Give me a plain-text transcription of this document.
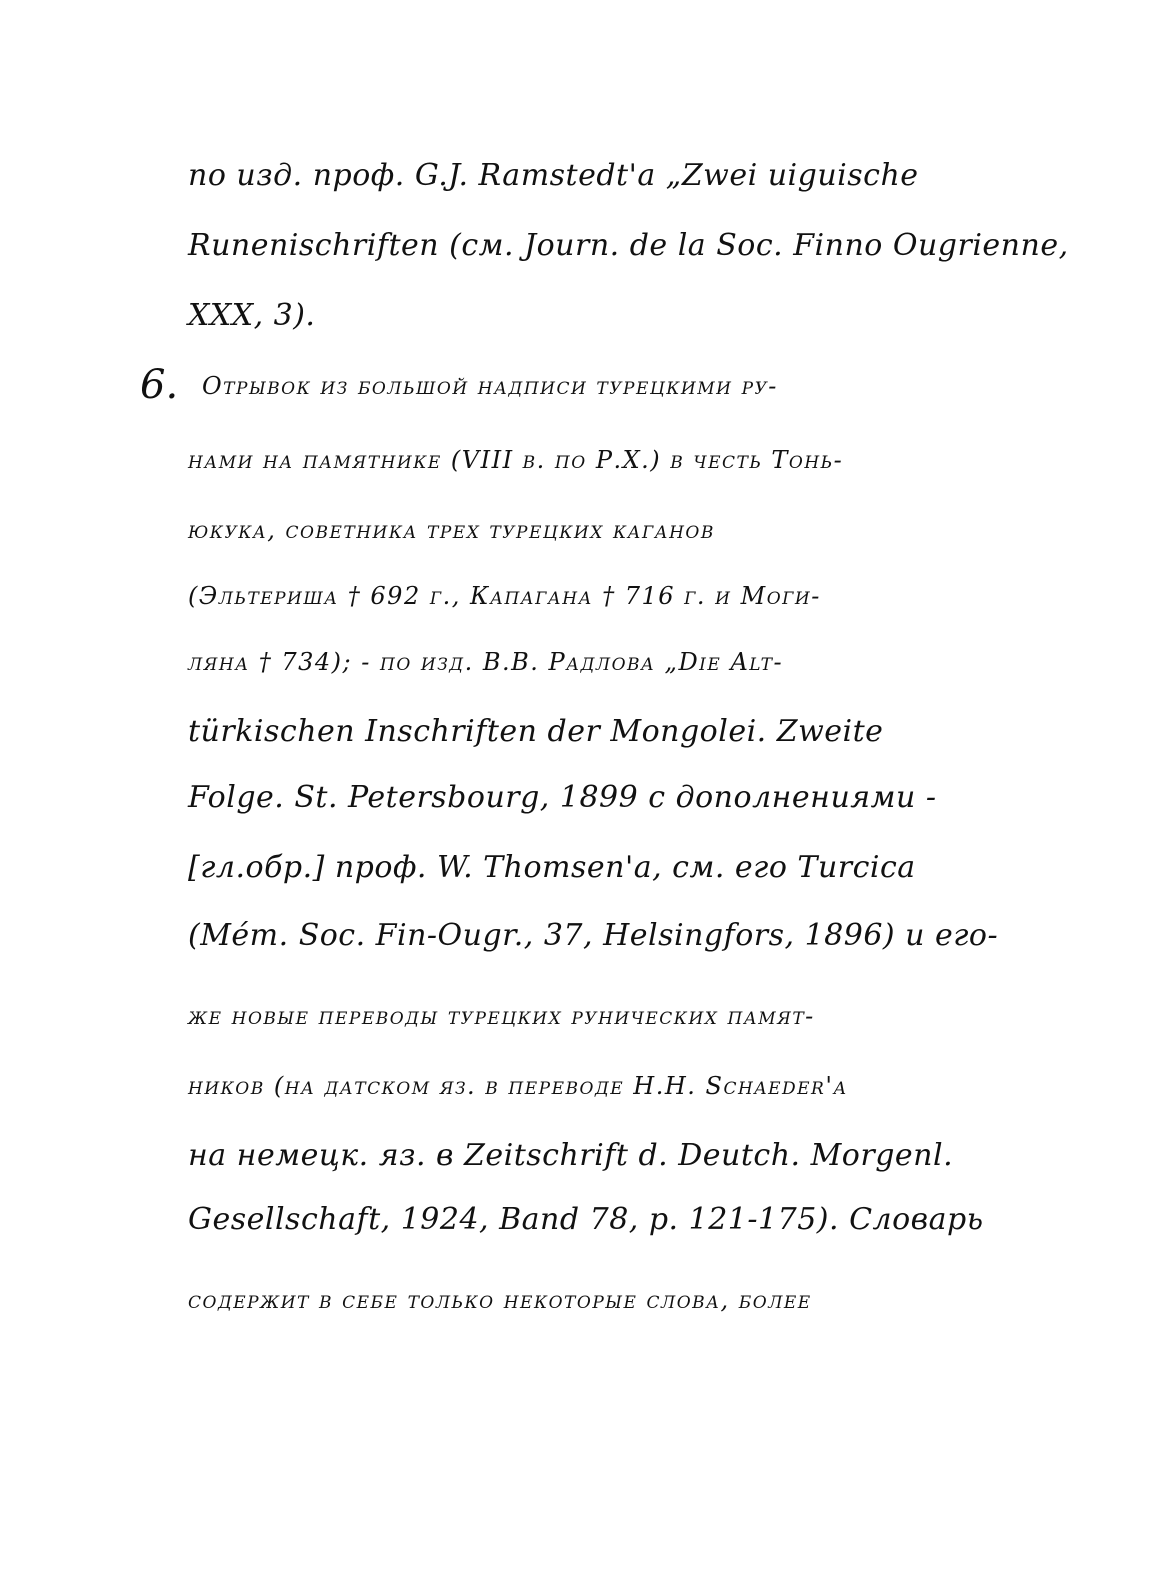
по изд. проф. G.J. Ramstedt'a „Zwei uiguische
Runenischriften (см. Journ. de la Soc. Finno Ougrienne,
XXX, 3).
6. Отрывок из большой надписи турецкими ру-
нами на памятнике (VIII в. по Р.Х.) в честь Тонь-
юкука, советника трех турецких каганов
(Эльтериша † 692 г., Капагана † 716 г. и Моги-
ляна † 734); - по изд. В.В. Радлова „Die Alt-
türkischen Inschriften der Mongolei. Zweite
Folge. St. Petersbourg, 1899 с дополнениями -
[гл.обр.] проф. W. Thomsen'a, см. его Turcica
(Mém. Soc. Fin-Ougr., 37, Helsingfors, 1896) и его-
же новые переводы турецких рунических памят-
ников (на датском яз. в переводе H.H. Schaeder'а
на немецк. яз. в Zeitschrift d. Deutch. Morgenl.
Gesellschaft, 1924, Band 78, p. 121-175). Словарь
содержит в себе только некоторые слова, более
